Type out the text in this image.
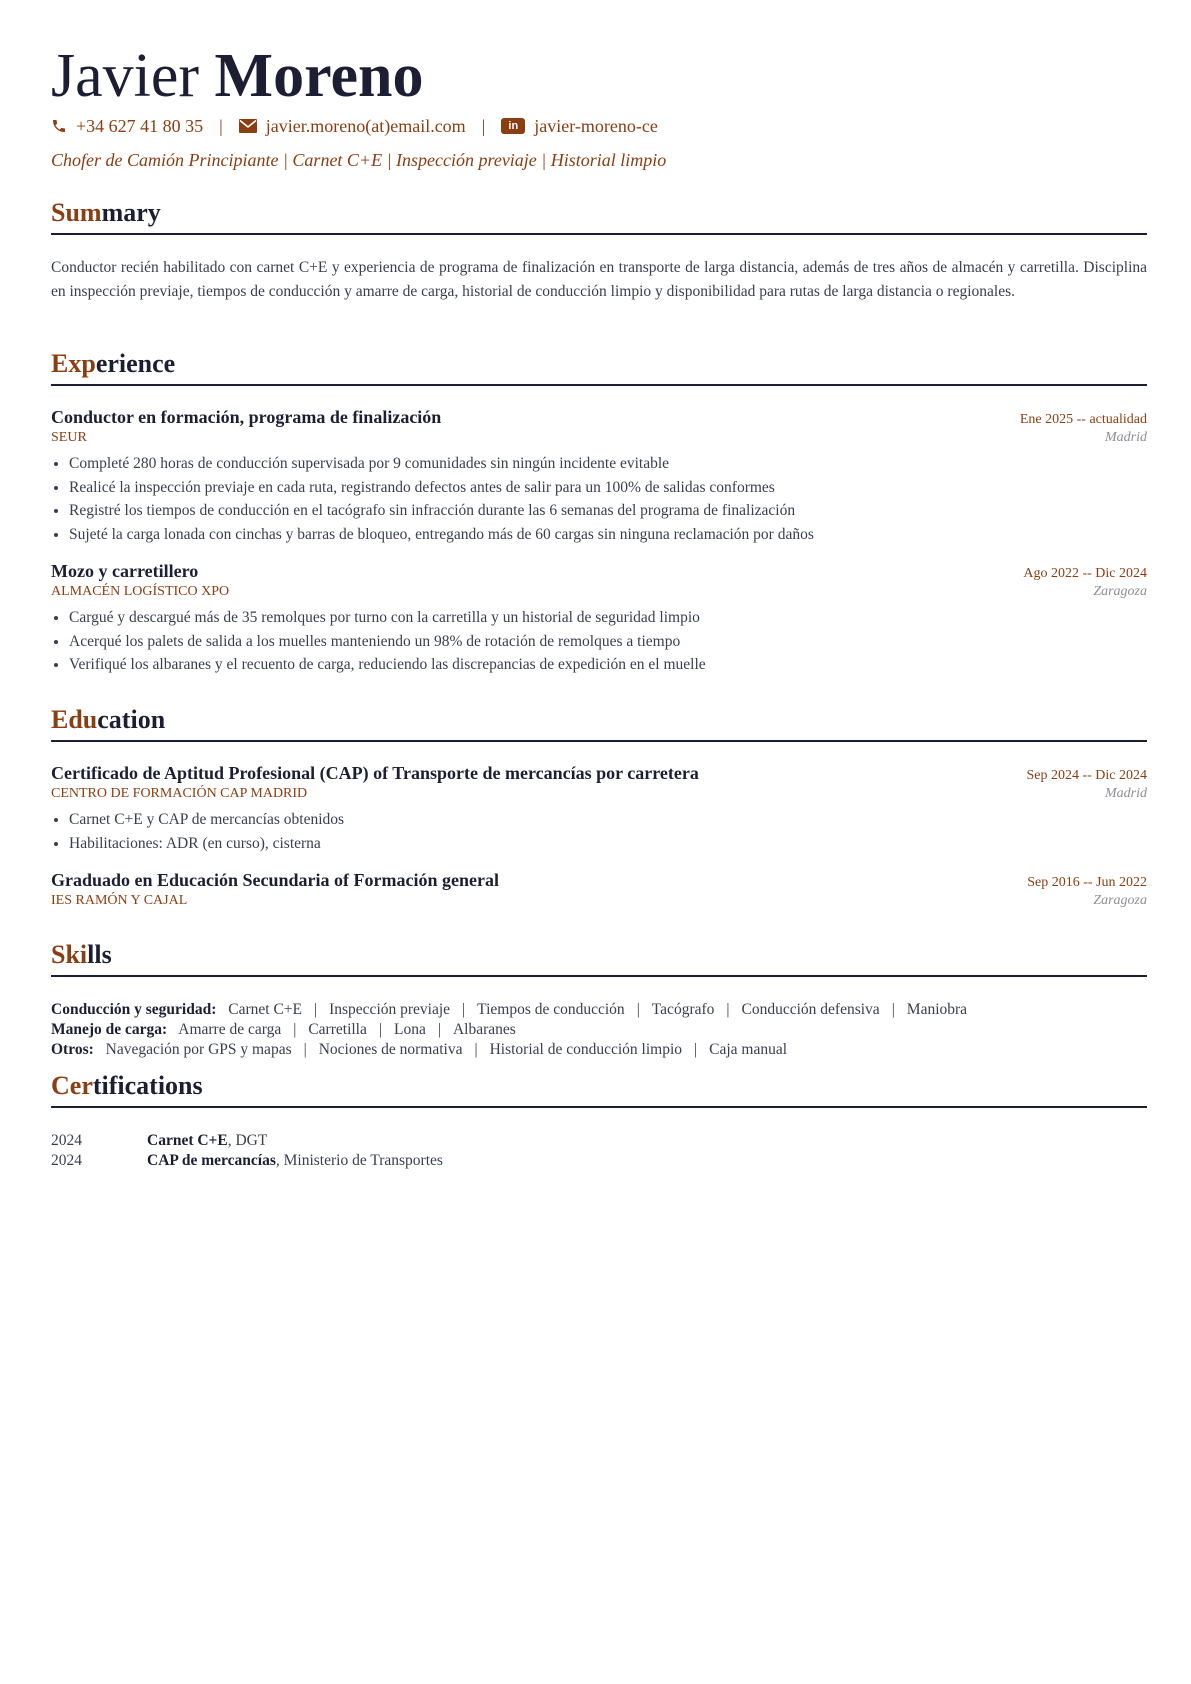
Javier Moreno
+34 627 41 80 35 | javier.moreno(at)email.com |	in javier-moreno-ce
Chofer de Camión Principiante | Carnet C+E | Inspección previaje | Historial limpio
Summary
Conductor recién habilitado con carnet C+E y experiencia de programa de finalización en transporte de larga distancia, además de tres años de almacén y carretilla. Disciplina en inspección previaje, tiempos de conducción y amarre de carga, historial de conducción limpio y disponibilidad para rutas de larga distancia o regionales.
Experience
Conductor en formación, programa de finalización	Ene 2025 -- actualidad
SEUR	Madrid
• Completé 280 horas de conducción supervisada por 9 comunidades sin ningún incidente evitable
• Realicé la inspección previaje en cada ruta, registrando defectos antes de salir para un 100% de salidas conformes
• Registré los tiempos de conducción en el tacógrafo sin infracción durante las 6 semanas del programa de finalización
• Sujeté la carga lonada con cinchas y barras de bloqueo, entregando más de 60 cargas sin ninguna reclamación por daños
Mozo y carretillero	Ago 2022 -- Dic 2024
ALMACÉN LOGÍSTICO XPO	Zaragoza
• Cargué y descargué más de 35 remolques por turno con la carretilla y un historial de seguridad limpio
• Acerqué los palets de salida a los muelles manteniendo un 98% de rotación de remolques a tiempo
• Verifiqué los albaranes y el recuento de carga, reduciendo las discrepancias de expedición en el muelle
Education
Certificado de Aptitud Profesional (CAP) of Transporte de mercancías por carretera	Sep 2024 -- Dic 2024
CENTRO DE FORMACIÓN CAP MADRID	Madrid
• Carnet C+E y CAP de mercancías obtenidos
• Habilitaciones: ADR (en curso), cisterna
Graduado en Educación Secundaria of Formación general	Sep 2016 -- Jun 2022
IES RAMÓN Y CAJAL	Zaragoza
Skills
Conducción y seguridad: Carnet C+E | Inspección previaje | Tiempos de conducción | Tacógrafo | Conducción defensiva | Maniobra
Manejo de carga: Amarre de carga | Carretilla | Lona | Albaranes
Otros: Navegación por GPS y mapas | Nociones de normativa | Historial de conducción limpio | Caja manual
Certifications
2024	Carnet C+E, DGT
2024	CAP de mercancías, Ministerio de Transportes
